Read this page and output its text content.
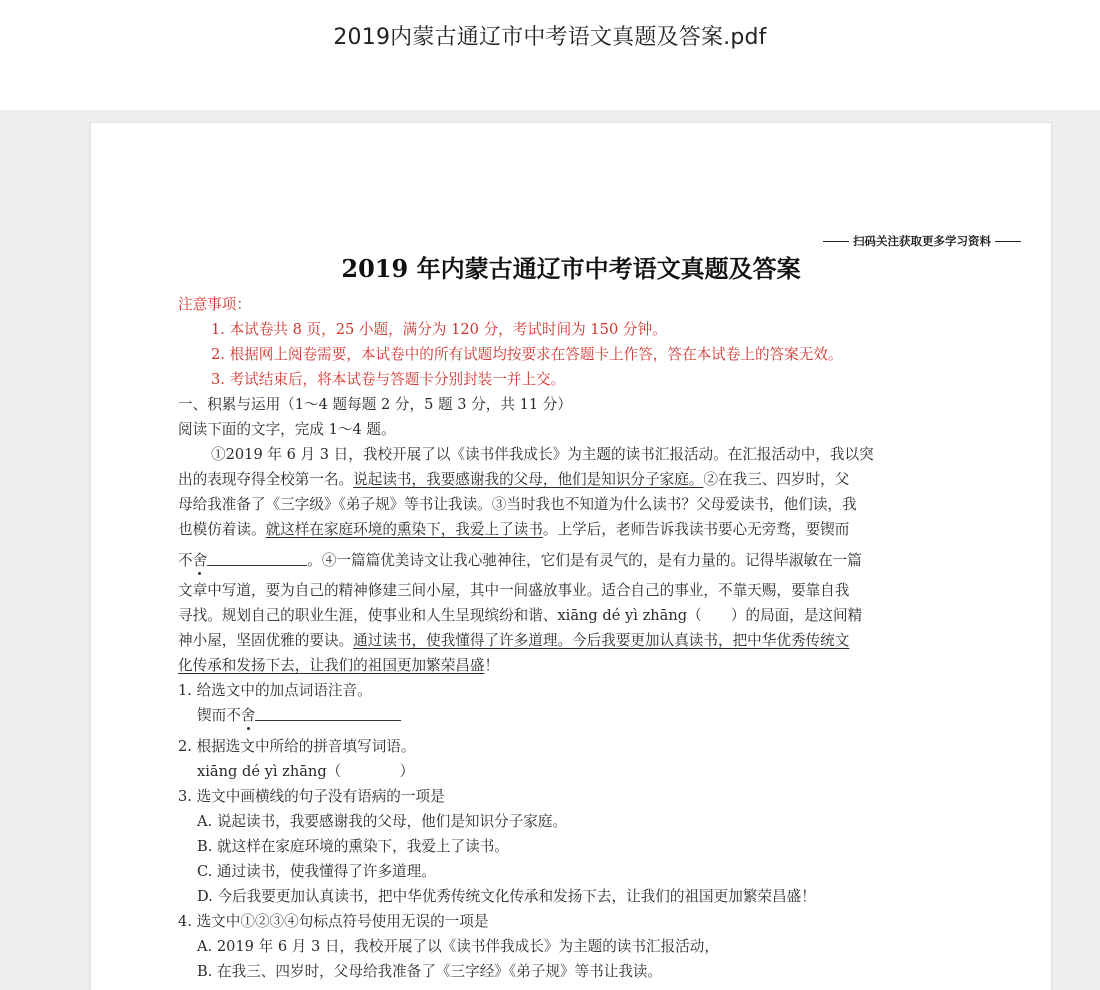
2019内蒙古通辽市中考语文真题及答案.pdf
扫码关注获取更多学习资料
2019 年内蒙古通辽市中考语文真题及答案
注意事项：
1. 本试卷共 8 页，25 小题，满分为 120 分，考试时间为 150 分钟。
2. 根据网上阅卷需要，本试卷中的所有试题均按要求在答题卡上作答，答在本试卷上的答案无效。
3. 考试结束后，将本试卷与答题卡分别封装一并上交。
一、积累与运用（1～4 题每题 2 分，5 题 3 分，共 11 分）
阅读下面的文字，完成 1～4 题。
①2019 年 6 月 3 日，我校开展了以《读书伴我成长》为主题的读书汇报活动。在汇报活动中，我以突
出的表现夺得全校第一名。说起读书，我要感谢我的父母，他们是知识分子家庭。②在我三、四岁时，父
母给我准备了《三字级》《弟子规》等书让我读。③当时我也不知道为什么读书？父母爱读书，他们读，我
也模仿着读。就这样在家庭环境的熏染下，我爱上了读书。上学后，老师告诉我读书要心无旁骛，要锲而
不舍	。④一篇篇优美诗文让我心驰神往，它们是有灵气的，是有力量的。记得毕淑敏在一篇
文章中写道，要为自己的精神修建三间小屋，其中一间盛放事业。适合自己的事业，不靠天赐，要靠自我
寻找。规划自己的职业生涯，使事业和人生呈现缤纷和谐、xiāng dé yì zhāng（　　）的局面，是这间精
神小屋，坚固优雅的要诀。通过读书，使我懂得了许多道理。今后我要更加认真读书，把中华优秀传统文
化传承和发扬下去，让我们的祖国更加繁荣昌盛！
1. 给选文中的加点词语注音。
锲而不舍
2. 根据选文中所给的拼音填写词语。
xiāng dé yì zhāng（　　　　）
3. 选文中画横线的句子没有语病的一项是
A. 说起读书，我要感谢我的父母，他们是知识分子家庭。
B. 就这样在家庭环境的熏染下，我爱上了读书。
C. 通过读书，使我懂得了许多道理。
D. 今后我要更加认真读书，把中华优秀传统文化传承和发扬下去，让我们的祖国更加繁荣昌盛！
4. 选文中①②③④句标点符号使用无误的一项是
A. 2019 年 6 月 3 日，我校开展了以《读书伴我成长》为主题的读书汇报活动，
B. 在我三、四岁时，父母给我准备了《三字经》《弟子规》等书让我读。
